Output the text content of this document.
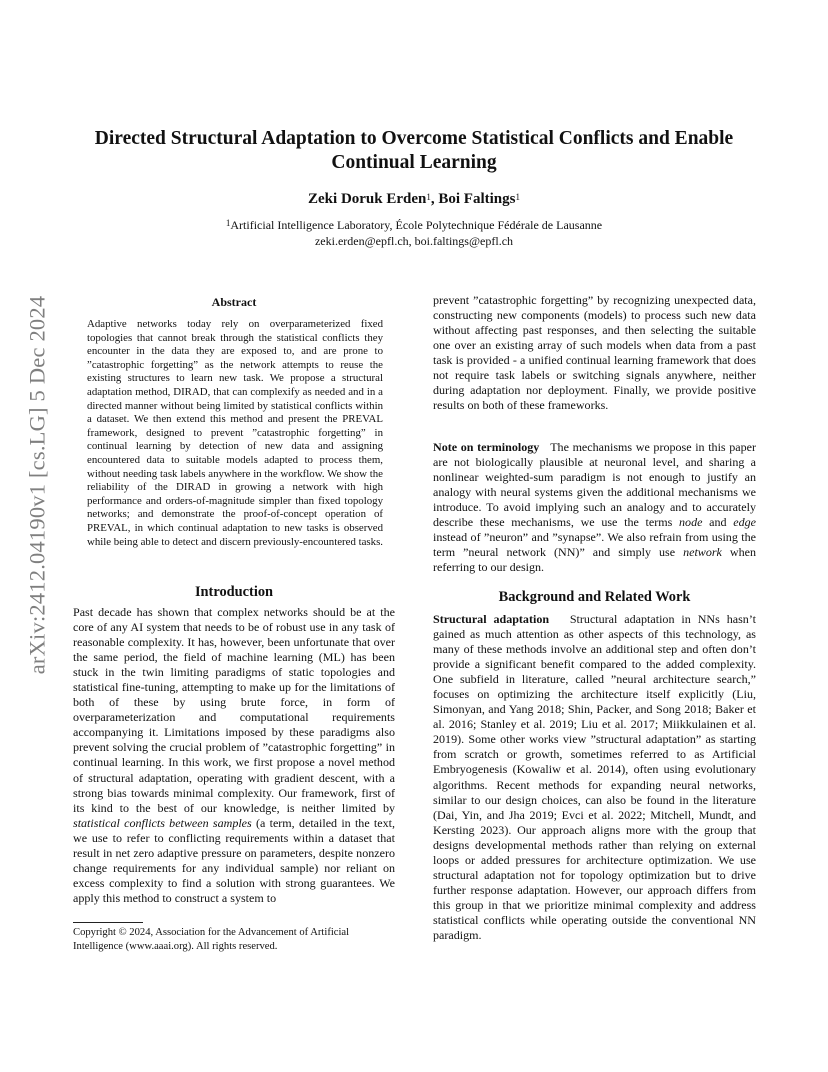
arXiv:2412.04190v1 [cs.LG] 5 Dec 2024
Directed Structural Adaptation to Overcome Statistical Conflicts and Enable Continual Learning
Zeki Doruk Erden$^1$, Boi Faltings$^1$
$^1$Artificial Intelligence Laboratory, École Polytechnique Fédérale de Lausanne
zeki.erden@epfl.ch, boi.faltings@epfl.ch
Abstract
Adaptive networks today rely on overparameterized fixed topologies that cannot break through the statistical conflicts they encounter in the data they are exposed to, and are prone to ”catastrophic forgetting” as the network attempts to reuse the existing structures to learn new task. We propose a structural adaptation method, DIRAD, that can complexify as needed and in a directed manner without being limited by statistical conflicts within a dataset. We then extend this method and present the PREVAL framework, designed to prevent ”catastrophic forgetting” in continual learning by detection of new data and assigning encountered data to suitable models adapted to process them, without needing task labels anywhere in the workflow. We show the reliability of the DIRAD in growing a network with high performance and orders-of-magnitude simpler than fixed topology networks; and demonstrate the proof-of-concept operation of PREVAL, in which continual adaptation to new tasks is observed while being able to detect and discern previously-encountered tasks.
Introduction
Past decade has shown that complex networks should be at the core of any AI system that needs to be of robust use in any task of reasonable complexity. It has, however, been unfortunate that over the same period, the field of machine learning (ML) has been stuck in the twin limiting paradigms of static topologies and statistical fine-tuning, attempting to make up for the limitations of both of these by using brute force, in form of overparameterization and computational requirements accompanying it. Limitations imposed by these paradigms also prevent solving the crucial problem of ”catastrophic forgetting” in continual learning. In this work, we first propose a novel method of structural adaptation, operating with gradient descent, with a strong bias towards minimal complexity. Our framework, first of its kind to the best of our knowledge, is neither limited by statistical conflicts between samples (a term, detailed in the text, we use to refer to conflicting requirements within a dataset that result in net zero adaptive pressure on parameters, despite nonzero change requirements for any individual sample) nor reliant on excess complexity to find a solution with strong guarantees. We apply this method to construct a system to
Copyright © 2024, Association for the Advancement of Artificial Intelligence (www.aaai.org). All rights reserved.
prevent ”catastrophic forgetting” by recognizing unexpected data, constructing new components (models) to process such new data without affecting past responses, and then selecting the suitable one over an existing array of such models when data from a past task is provided - a unified continual learning framework that does not require task labels or switching signals anywhere, neither during adaptation nor deployment. Finally, we provide positive results on both of these frameworks.
Note on terminology The mechanisms we propose in this paper are not biologically plausible at neuronal level, and sharing a nonlinear weighted-sum paradigm is not enough to justify an analogy with neural systems given the additional mechanisms we introduce. To avoid implying such an analogy and to accurately describe these mechanisms, we use the terms node and edge instead of ”neuron” and ”synapse”. We also refrain from using the term ”neural network (NN)” and simply use network when referring to our design.
Background and Related Work
Structural adaptation Structural adaptation in NNs hasn’t gained as much attention as other aspects of this technology, as many of these methods involve an additional step and often don’t provide a significant benefit compared to the added complexity. One subfield in literature, called ”neural architecture search,” focuses on optimizing the architecture itself explicitly (Liu, Simonyan, and Yang 2018; Shin, Packer, and Song 2018; Baker et al. 2016; Stanley et al. 2019; Liu et al. 2017; Miikkulainen et al. 2019). Some other works view ”structural adaptation” as starting from scratch or growth, sometimes referred to as Artificial Embryogenesis (Kowaliw et al. 2014), often using evolutionary algorithms. Recent methods for expanding neural networks, similar to our design choices, can also be found in the literature (Dai, Yin, and Jha 2019; Evci et al. 2022; Mitchell, Mundt, and Kersting 2023). Our approach aligns more with the group that designs developmental methods rather than relying on external loops or added pressures for architecture optimization. We use structural adaptation not for topology optimization but to drive further response adaptation. However, our approach differs from this group in that we prioritize minimal complexity and address statistical conflicts while operating outside the conventional NN paradigm.
